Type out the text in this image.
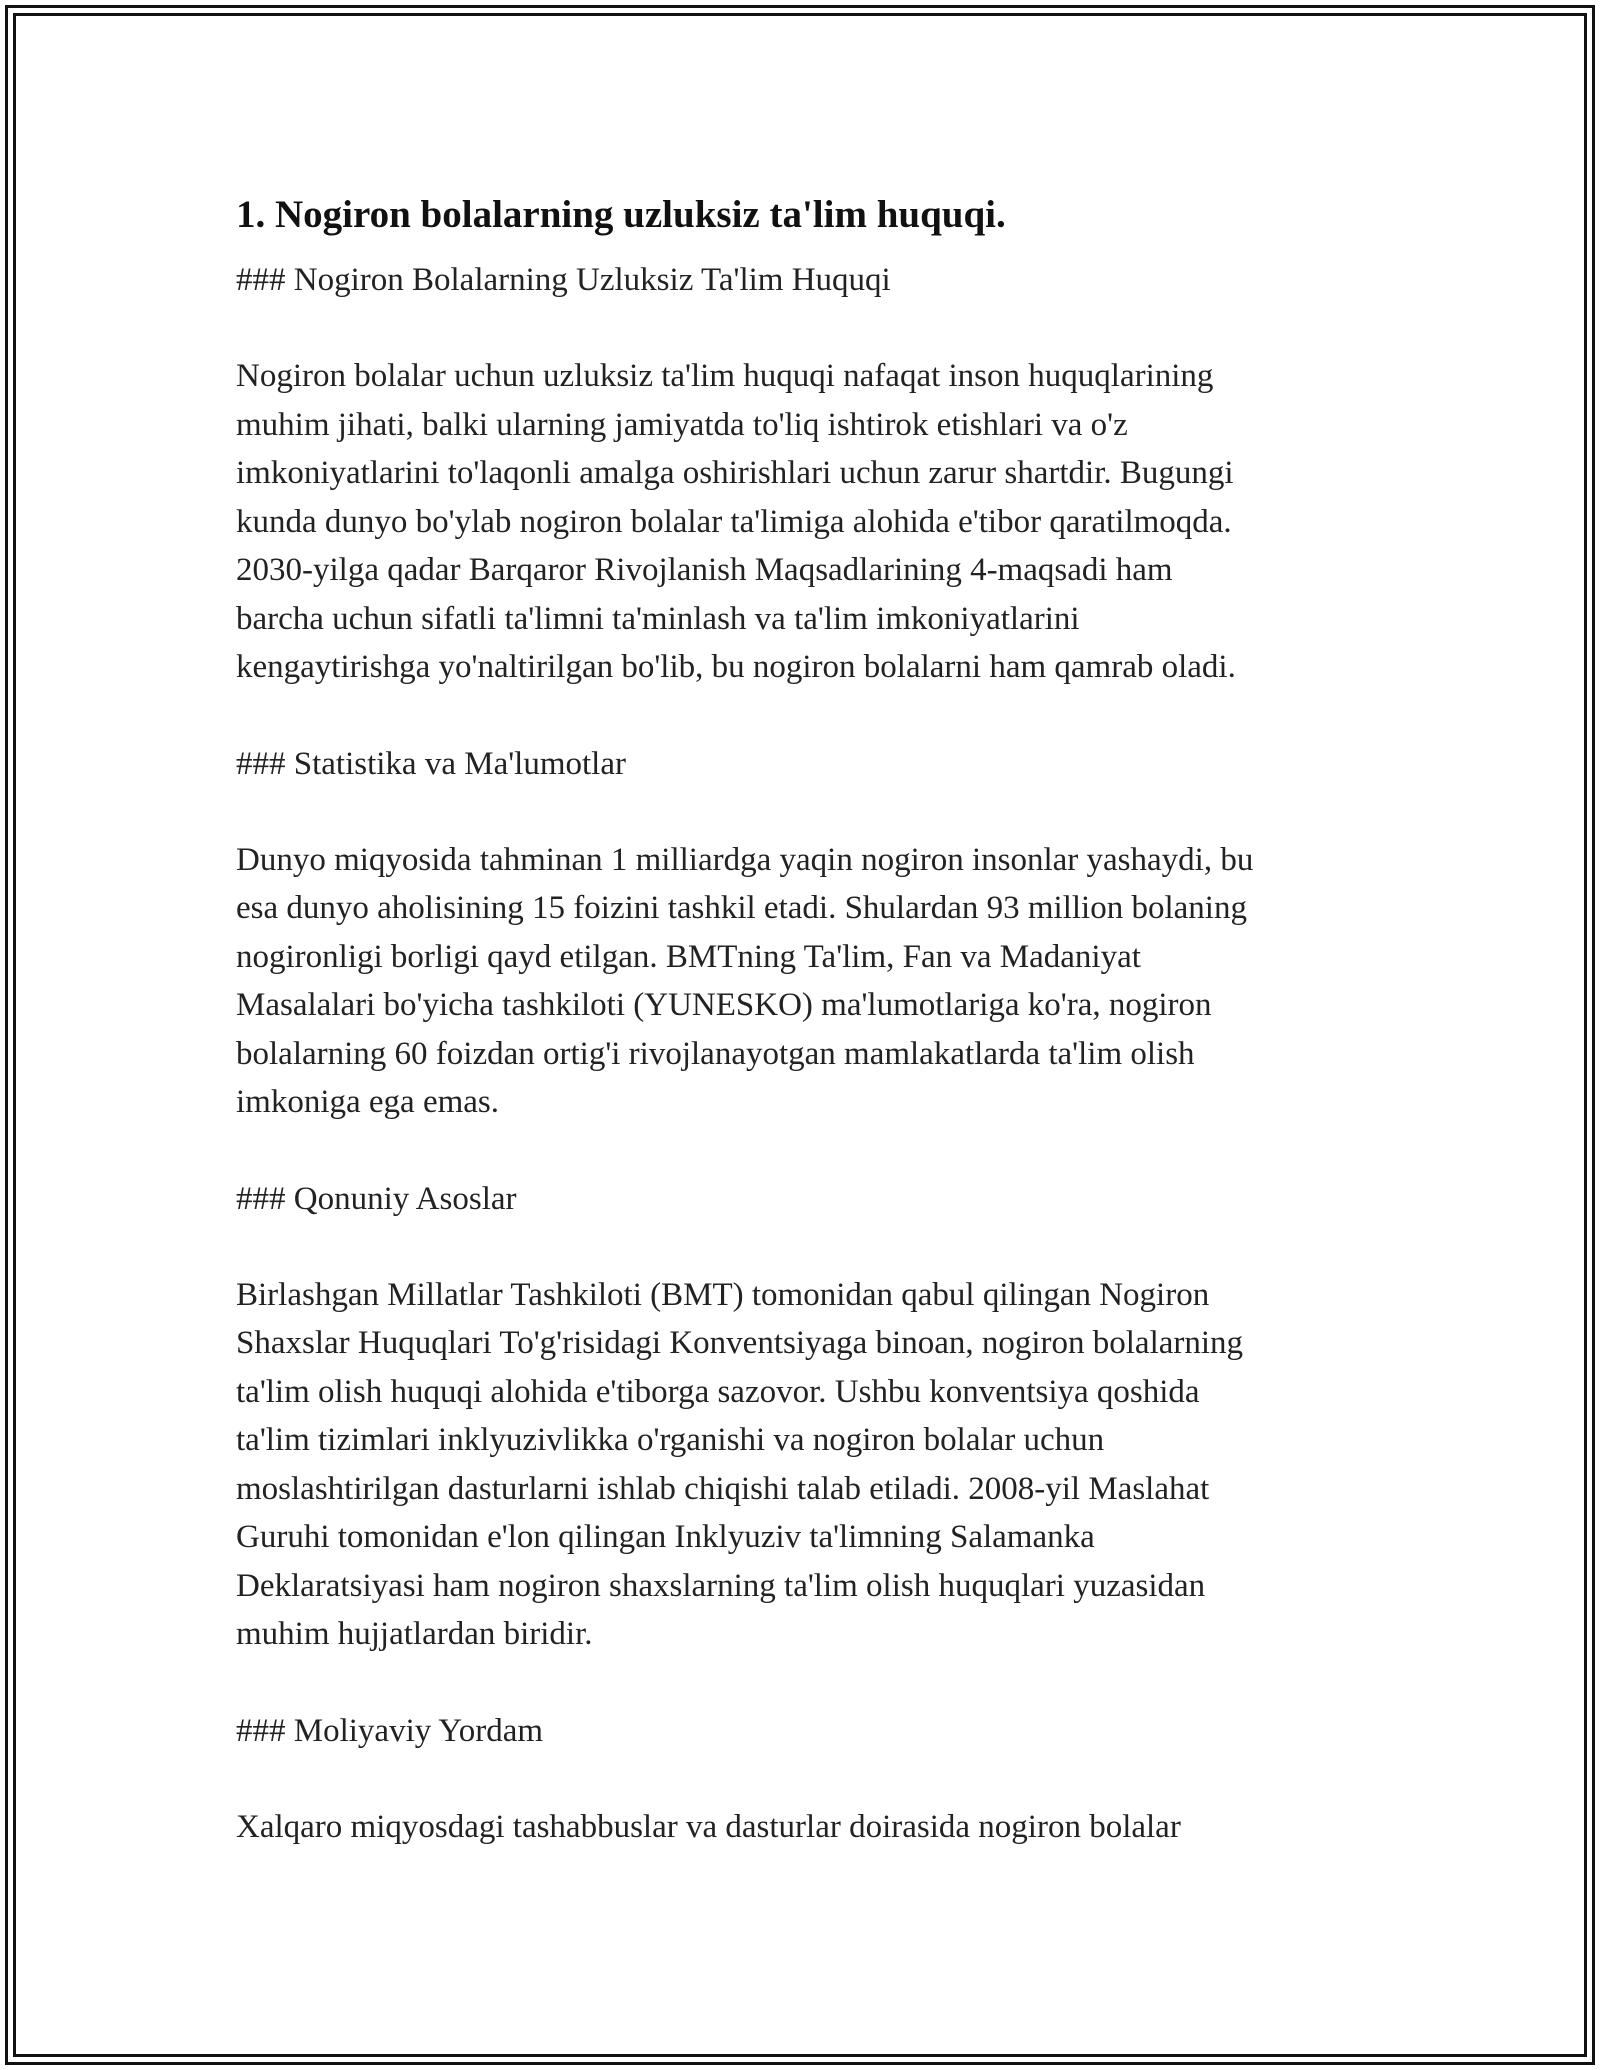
1. Nogiron bolalarning uzluksiz ta'lim huquqi.
### Nogiron Bolalarning Uzluksiz Ta'lim Huquqi
Nogiron bolalar uchun uzluksiz ta'lim huquqi nafaqat inson huquqlarining
muhim jihati, balki ularning jamiyatda to'liq ishtirok etishlari va o'z
imkoniyatlarini to'laqonli amalga oshirishlari uchun zarur shartdir. Bugungi
kunda dunyo bo'ylab nogiron bolalar ta'limiga alohida e'tibor qaratilmoqda.
2030-yilga qadar Barqaror Rivojlanish Maqsadlarining 4-maqsadi ham
barcha uchun sifatli ta'limni ta'minlash va ta'lim imkoniyatlarini
kengaytirishga yo'naltirilgan bo'lib, bu nogiron bolalarni ham qamrab oladi.
### Statistika va Ma'lumotlar
Dunyo miqyosida tahminan 1 milliardga yaqin nogiron insonlar yashaydi, bu
esa dunyo aholisining 15 foizini tashkil etadi. Shulardan 93 million bolaning
nogironligi borligi qayd etilgan. BMTning Ta'lim, Fan va Madaniyat
Masalalari bo'yicha tashkiloti (YUNESKO) ma'lumotlariga ko'ra, nogiron
bolalarning 60 foizdan ortig'i rivojlanayotgan mamlakatlarda ta'lim olish
imkoniga ega emas.
### Qonuniy Asoslar
Birlashgan Millatlar Tashkiloti (BMT) tomonidan qabul qilingan Nogiron
Shaxslar Huquqlari To'g'risidagi Konventsiyaga binoan, nogiron bolalarning
ta'lim olish huquqi alohida e'tiborga sazovor. Ushbu konventsiya qoshida
ta'lim tizimlari inklyuzivlikka o'rganishi va nogiron bolalar uchun
moslashtirilgan dasturlarni ishlab chiqishi talab etiladi. 2008-yil Maslahat
Guruhi tomonidan e'lon qilingan Inklyuziv ta'limning Salamanka
Deklaratsiyasi ham nogiron shaxslarning ta'lim olish huquqlari yuzasidan
muhim hujjatlardan biridir.
### Moliyaviy Yordam
Xalqaro miqyosdagi tashabbuslar va dasturlar doirasida nogiron bolalar
